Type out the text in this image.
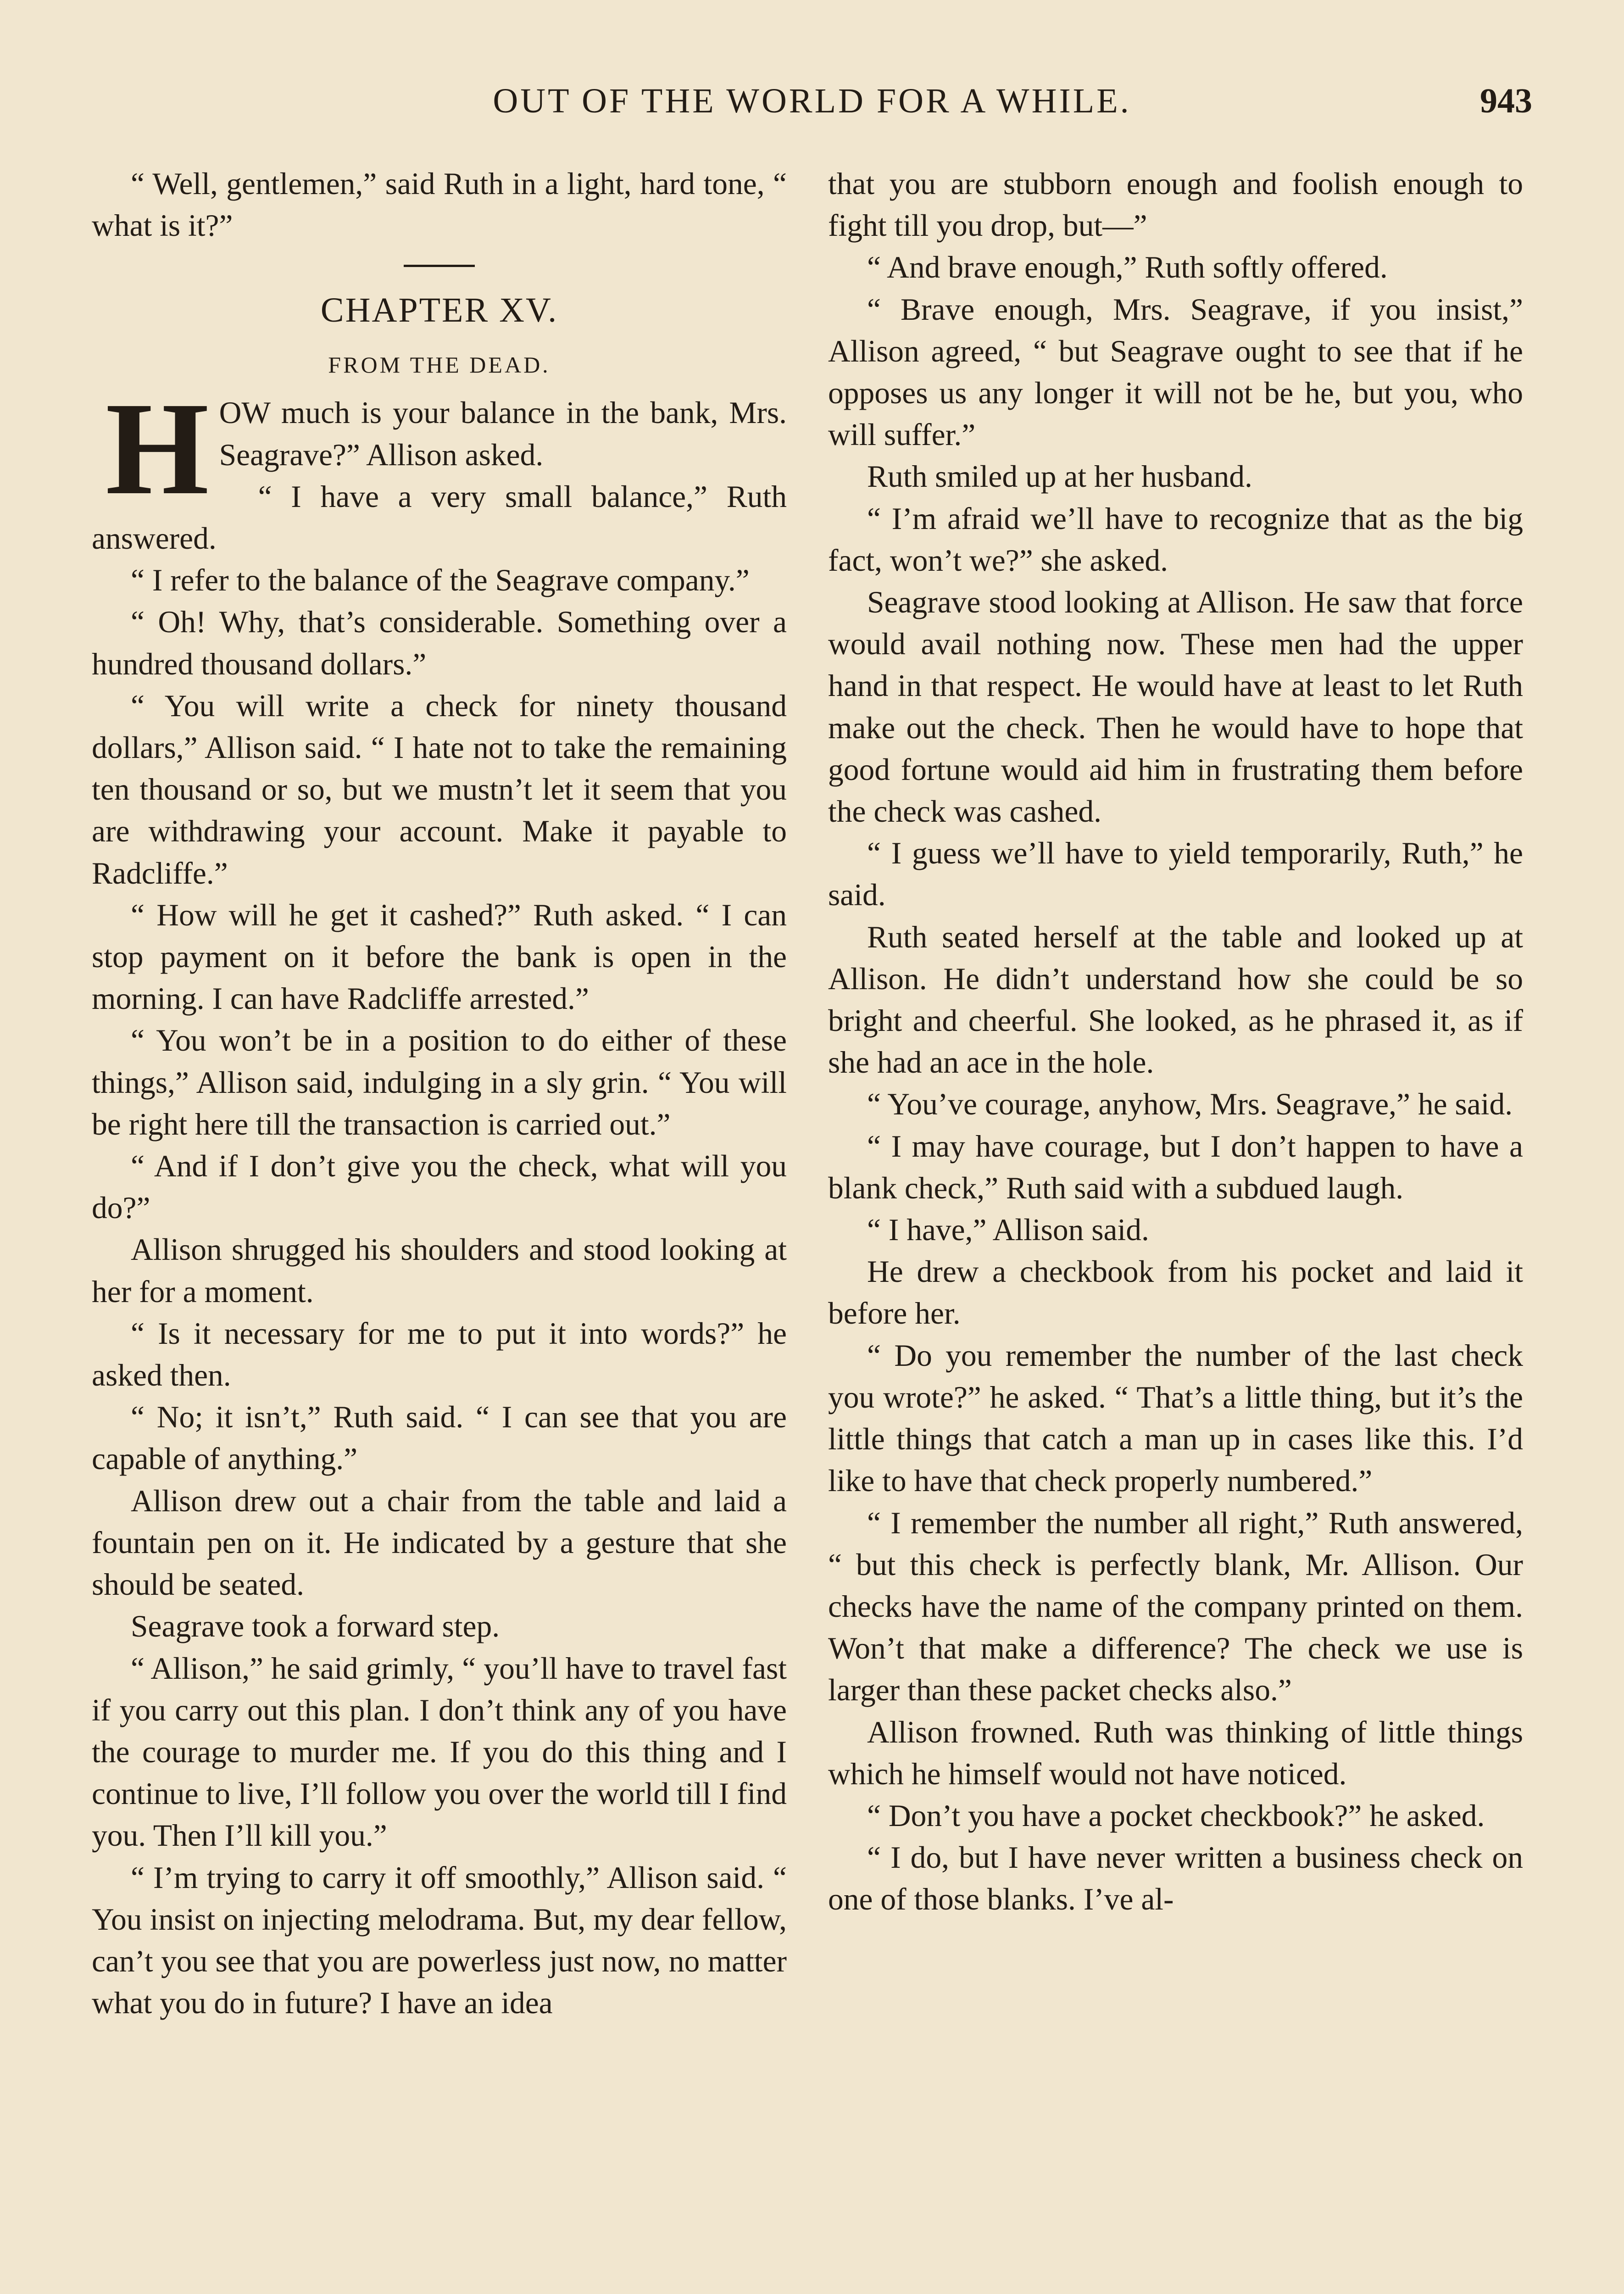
OUT OF THE WORLD FOR A WHILE.	943

“ Well, gentlemen,” said Ruth in a light, hard tone, “ what is it?”

CHAPTER XV.
FROM THE DEAD.

HOW much is your balance in the bank, Mrs. Seagrave?” Allison asked.

“ I have a very small balance,” Ruth answered.

“ I refer to the balance of the Seagrave company.”

“ Oh! Why, that’s considerable. Something over a hundred thousand dollars.”

“ You will write a check for ninety thousand dollars,” Allison said. “ I hate not to take the remaining ten thousand or so, but we mustn’t let it seem that you are withdrawing your account. Make it payable to Radcliffe.”

“ How will he get it cashed?” Ruth asked. “ I can stop payment on it before the bank is open in the morning. I can have Radcliffe arrested.”

“ You won’t be in a position to do either of these things,” Allison said, indulging in a sly grin. “ You will be right here till the transaction is carried out.”

“ And if I don’t give you the check, what will you do?”

Allison shrugged his shoulders and stood looking at her for a moment.

“ Is it necessary for me to put it into words?” he asked then.

“ No; it isn’t,” Ruth said. “ I can see that you are capable of anything.”

Allison drew out a chair from the table and laid a fountain pen on it. He indicated by a gesture that she should be seated.

Seagrave took a forward step.

“ Allison,” he said grimly, “ you’ll have to travel fast if you carry out this plan. I don’t think any of you have the courage to murder me. If you do this thing and I continue to live, I’ll follow you over the world till I find you. Then I’ll kill you.”

“ I’m trying to carry it off smoothly,” Allison said. “ You insist on injecting melodrama. But, my dear fellow, can’t you see that you are powerless just now, no matter what you do in future? I have an idea

that you are stubborn enough and foolish enough to fight till you drop, but—”

“ And brave enough,” Ruth softly offered.

“ Brave enough, Mrs. Seagrave, if you insist,” Allison agreed, “ but Seagrave ought to see that if he opposes us any longer it will not be he, but you, who will suffer.”

Ruth smiled up at her husband.

“ I’m afraid we’ll have to recognize that as the big fact, won’t we?” she asked.

Seagrave stood looking at Allison. He saw that force would avail nothing now. These men had the upper hand in that respect. He would have at least to let Ruth make out the check. Then he would have to hope that good fortune would aid him in frustrating them before the check was cashed.

“ I guess we’ll have to yield temporarily, Ruth,” he said.

Ruth seated herself at the table and looked up at Allison. He didn’t understand how she could be so bright and cheerful. She looked, as he phrased it, as if she had an ace in the hole.

“ You’ve courage, anyhow, Mrs. Seagrave,” he said.

“ I may have courage, but I don’t happen to have a blank check,” Ruth said with a subdued laugh.

“ I have,” Allison said.

He drew a checkbook from his pocket and laid it before her.

“ Do you remember the number of the last check you wrote?” he asked. “ That’s a little thing, but it’s the little things that catch a man up in cases like this. I’d like to have that check properly numbered.”

“ I remember the number all right,” Ruth answered, “ but this check is perfectly blank, Mr. Allison. Our checks have the name of the company printed on them. Won’t that make a difference? The check we use is larger than these packet checks also.”

Allison frowned. Ruth was thinking of little things which he himself would not have noticed.

“ Don’t you have a pocket checkbook?” he asked.

“ I do, but I have never written a business check on one of those blanks. I’ve al-
